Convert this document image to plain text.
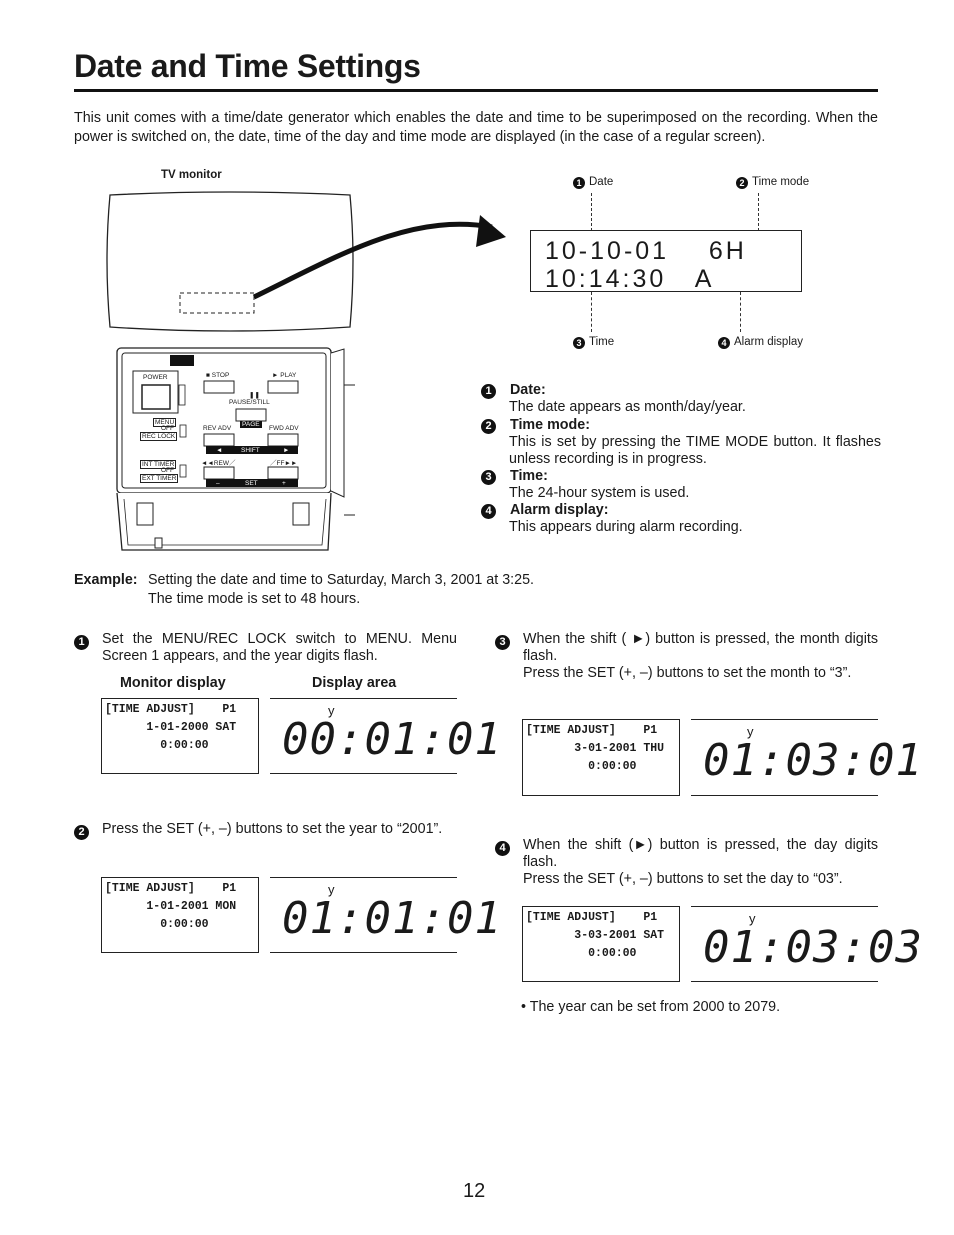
Date and Time Settings
This unit comes with a time/date generator which enables the date and time to be superimposed on the recording. When the power is switched on, the date, time of the day and time mode are displayed (in the case of a regular screen).
TV monitor
POWER	■ STOP	► PLAY
❚❚
PAUSE/STILL
MENU
OFF
REC LOCK
REV ADV
PAGE
FWD ADV
◄	SHIFT	►
INT TIMER
OFF
EXT TIMER
◄◄REW／	／FF►►
–	SET	+
1 Date	2 Time mode
10-10-01    6H
10:14:30   A
3 Time	4 Alarm display
1 Date:
The date appears as month/day/year.
2 Time mode:
This is set by pressing the TIME MODE button. It flashes unless recording is in progress.
3 Time:
The 24-hour system is used.
4 Alarm display:
This appears during alarm recording.
Example: Setting the date and time to Saturday, March 3, 2001 at 3:25.
The time mode is set to 48 hours.
1	Set the MENU/REC LOCK switch to MENU. Menu Screen 1 appears, and the year digits flash.
Monitor display	Display area
[TIME ADJUST]    P1
1-01-2000 SAT
0:00:00
y
00:01:01
2	Press the SET (+, –) buttons to set the year to “2001”.
[TIME ADJUST]    P1
1-01-2001 MON
0:00:00
y
01:01:01
3	When the shift ( ►) button is pressed, the month digits flash.
Press the SET (+, –) buttons to set the month to “3”.
[TIME ADJUST]    P1
3-01-2001 THU
0:00:00
y
01:03:01
4	When the shift (►) button is pressed, the day digits flash.
Press the SET (+, –) buttons to set the day to “03”.
[TIME ADJUST]    P1
3-03-2001 SAT
0:00:00
y
01:03:03
• The year can be set from 2000 to 2079.
12
